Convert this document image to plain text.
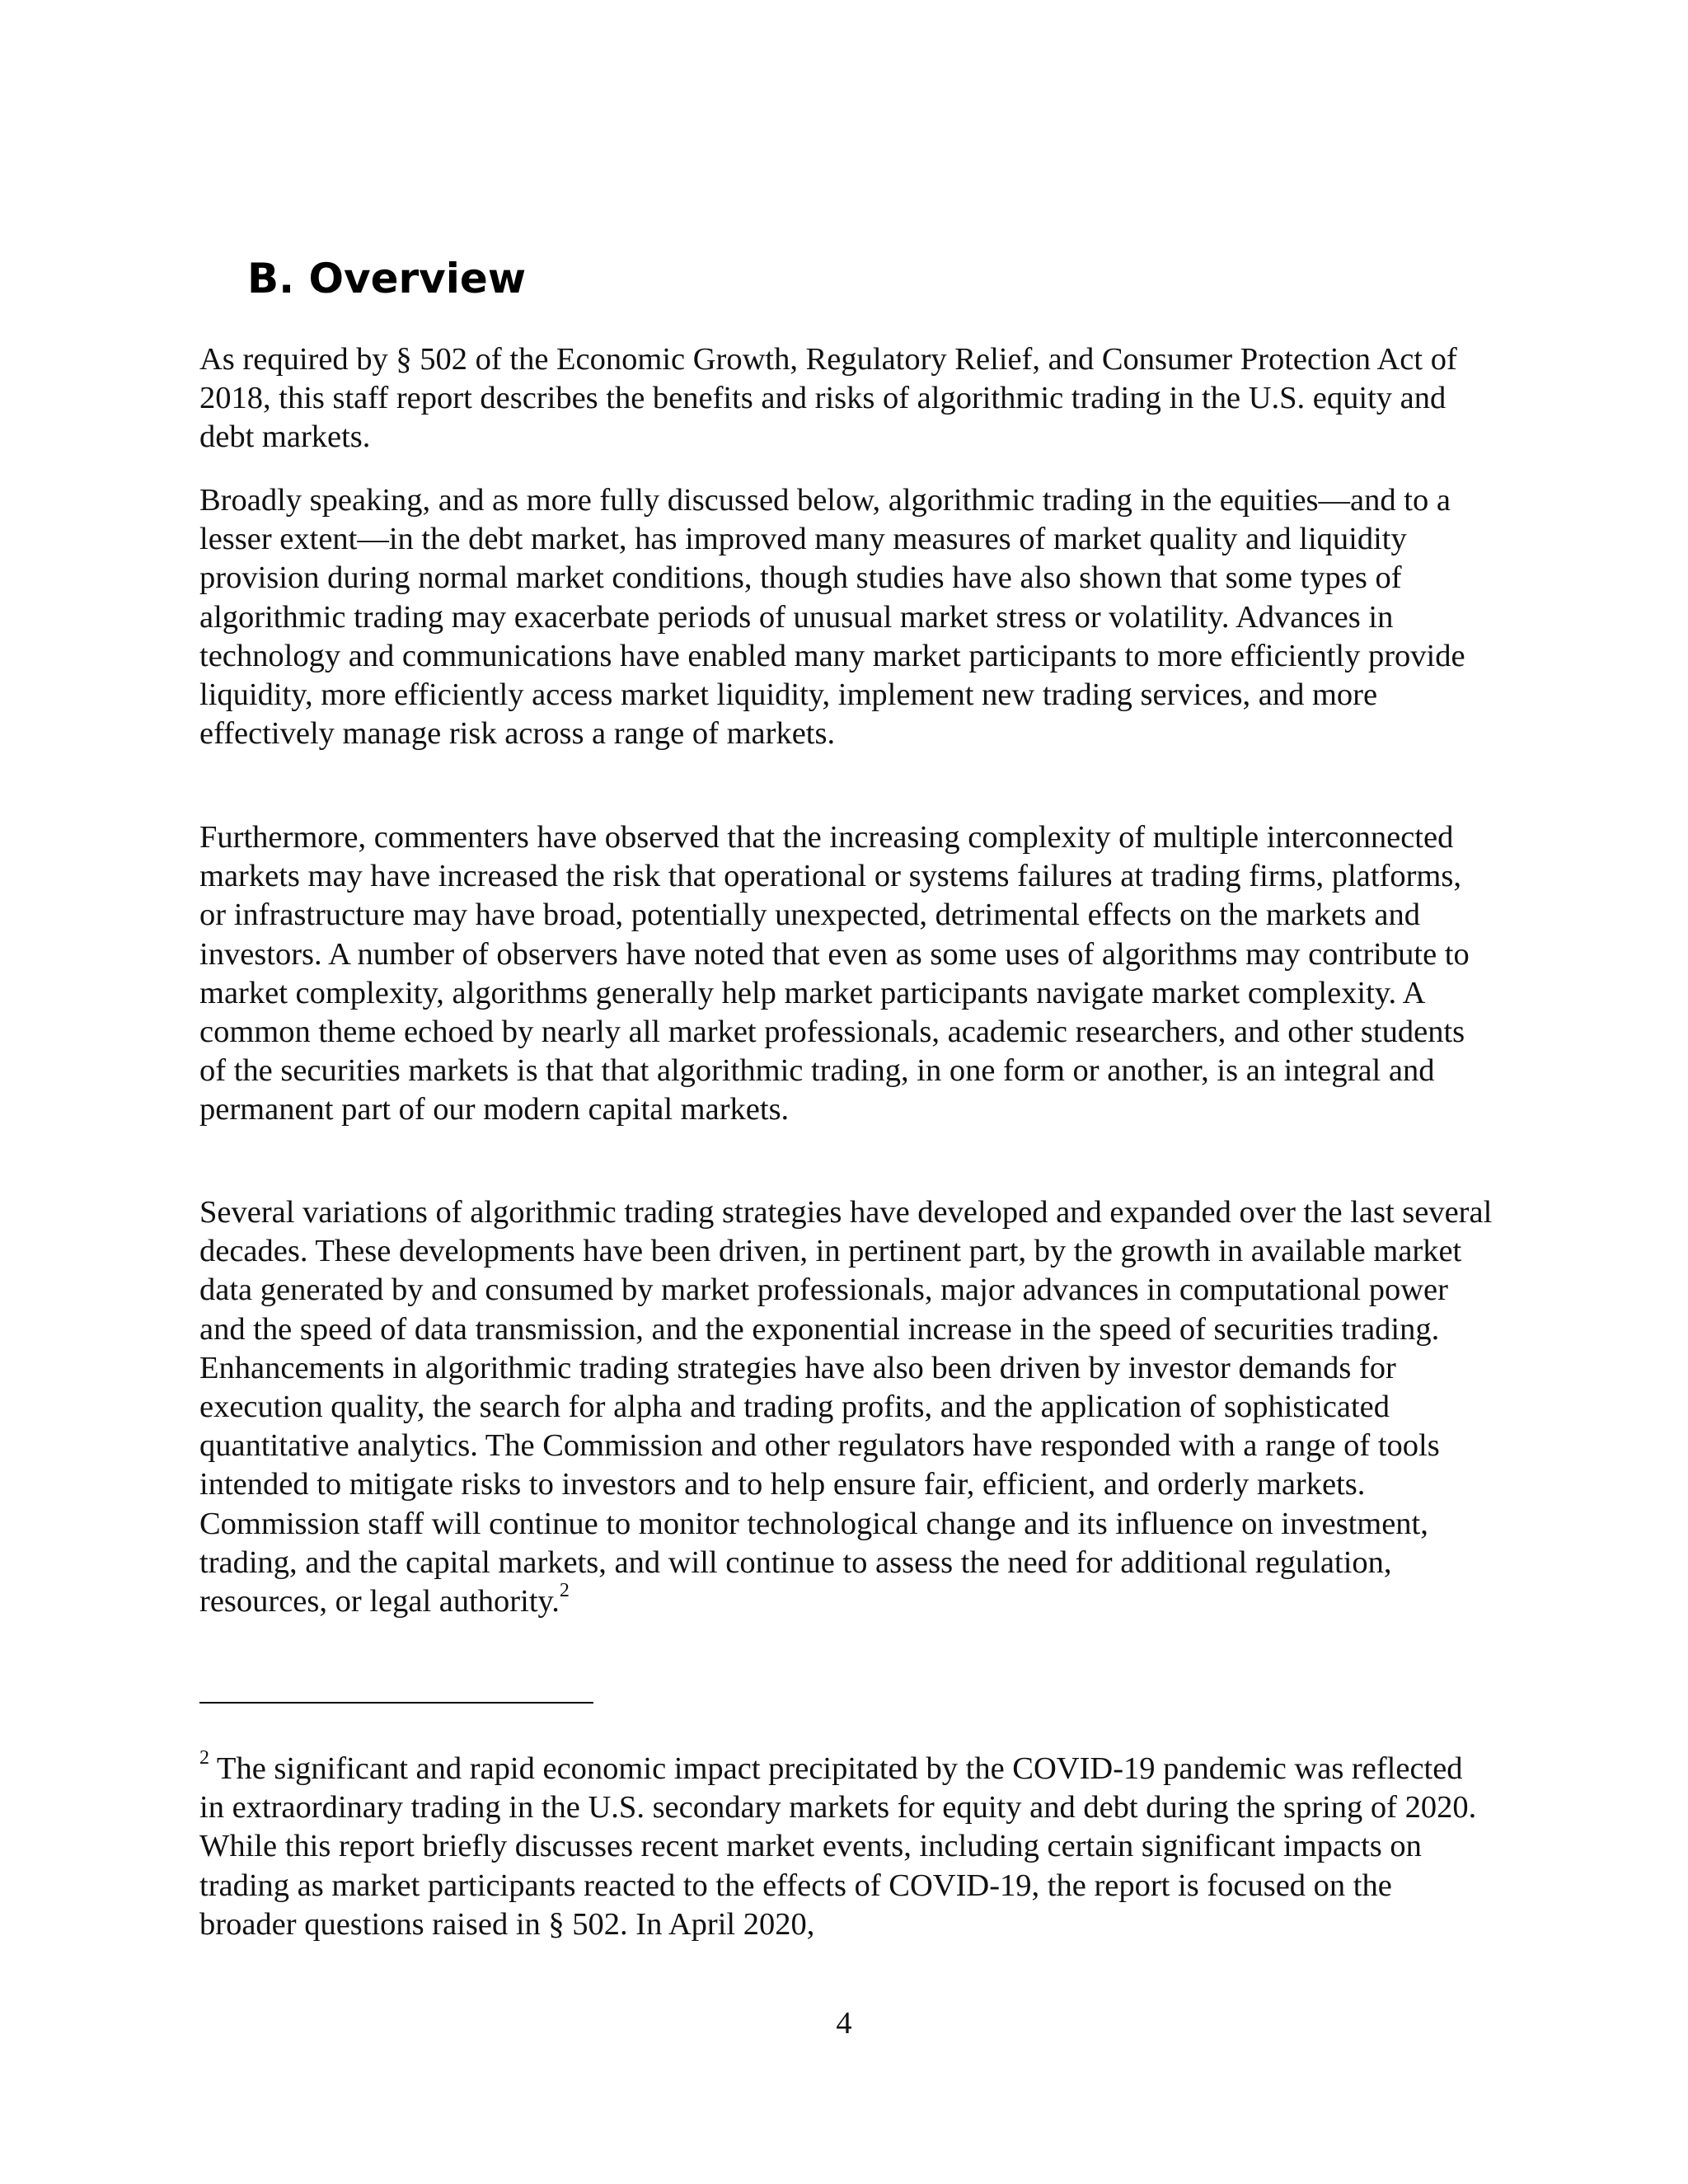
B. Overview

As required by § 502 of the Economic Growth, Regulatory Relief, and Consumer Protection Act of 2018, this staff report describes the benefits and risks of algorithmic trading in the U.S. equity and debt markets.

Broadly speaking, and as more fully discussed below, algorithmic trading in the equities—and to a lesser extent—in the debt market, has improved many measures of market quality and liquidity provision during normal market conditions, though studies have also shown that some types of algorithmic trading may exacerbate periods of unusual market stress or volatility. Advances in technology and communications have enabled many market participants to more efficiently provide liquidity, more efficiently access market liquidity, implement new trading services, and more effectively manage risk across a range of markets.

Furthermore, commenters have observed that the increasing complexity of multiple interconnected markets may have increased the risk that operational or systems failures at trading firms, platforms, or infrastructure may have broad, potentially unexpected, detrimental effects on the markets and investors. A number of observers have noted that even as some uses of algorithms may contribute to market complexity, algorithms generally help market participants navigate market complexity. A common theme echoed by nearly all market professionals, academic researchers, and other students of the securities markets is that that algorithmic trading, in one form or another, is an integral and permanent part of our modern capital markets.

Several variations of algorithmic trading strategies have developed and expanded over the last several decades. These developments have been driven, in pertinent part, by the growth in available market data generated by and consumed by market professionals, major advances in computational power and the speed of data transmission, and the exponential increase in the speed of securities trading. Enhancements in algorithmic trading strategies have also been driven by investor demands for execution quality, the search for alpha and trading profits, and the application of sophisticated quantitative analytics. The Commission and other regulators have responded with a range of tools intended to mitigate risks to investors and to help ensure fair, efficient, and orderly markets. Commission staff will continue to monitor technological change and its influence on investment, trading, and the capital markets, and will continue to assess the need for additional regulation, resources, or legal authority.$^2$

$^2$ The significant and rapid economic impact precipitated by the COVID-19 pandemic was reflected in extraordinary trading in the U.S. secondary markets for equity and debt during the spring of 2020. While this report briefly discusses recent market events, including certain significant impacts on trading as market participants reacted to the effects of COVID-19, the report is focused on the broader questions raised in § 502. In April 2020,

4
